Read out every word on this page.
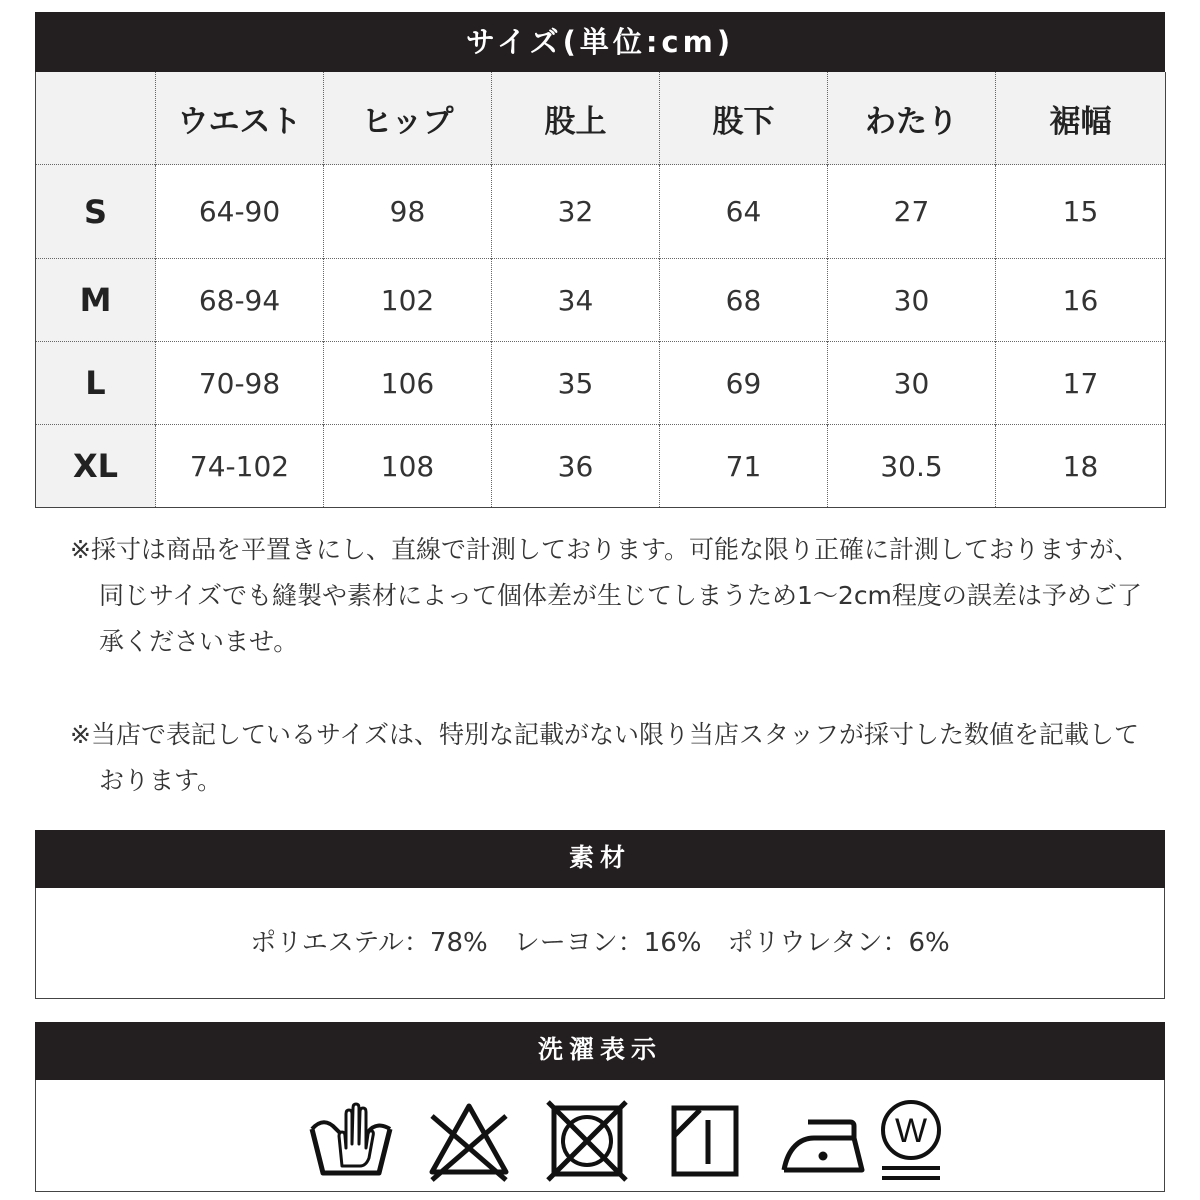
サイズ(単位:cm)
	ウエスト	ヒップ	股上	股下	わたり	裾幅
S	64-90	98	32	64	27	15
M	68-94	102	34	68	30	16
L	70-98	106	35	69	30	17
XL	74-102	108	36	71	30.5	18

※採寸は商品を平置きにし、直線で計測しております。可能な限り正確に計測しておりますが、同じサイズでも縫製や素材によって個体差が生じてしまうため1～2cm程度の誤差は予めご了承くださいませ。

※当店で表記しているサイズは、特別な記載がない限り当店スタッフが採寸した数値を記載しております。

素材
ポリエステル：78%　レーヨン：16%　ポリウレタン：6%
洗濯表示
W
